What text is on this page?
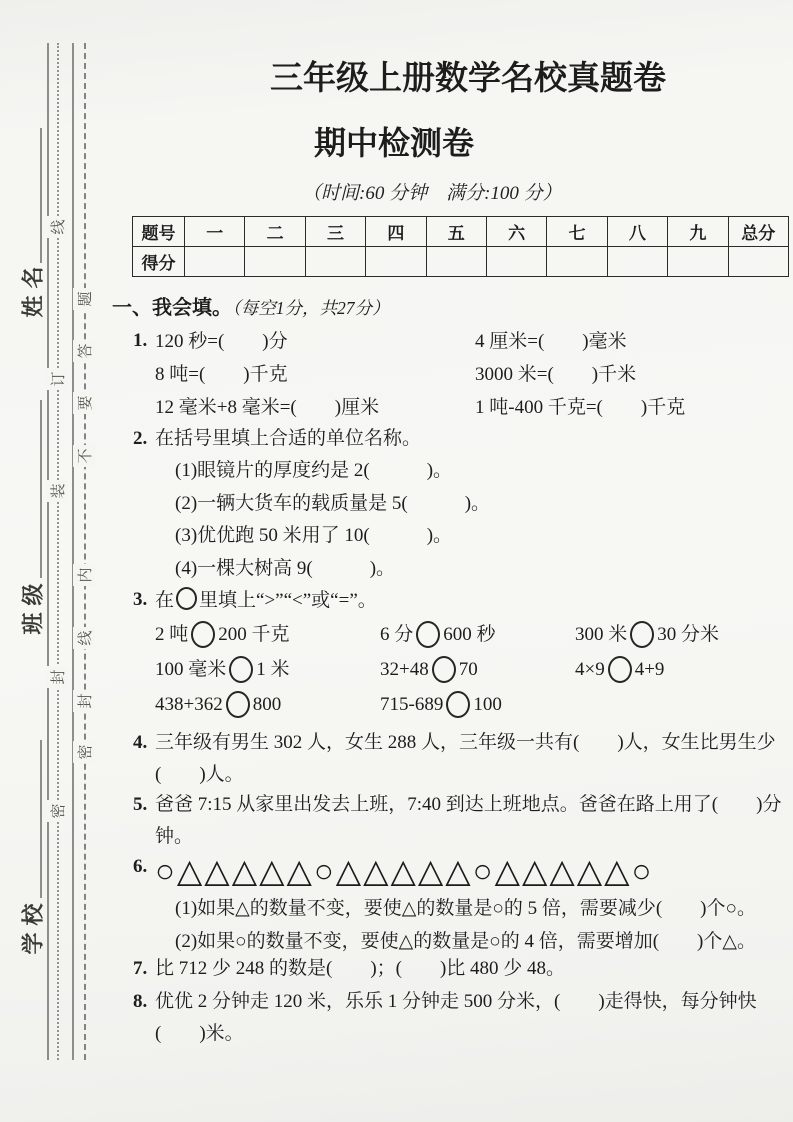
线
订
装
封
密
题
答
要
不
内
线
封
密
名
姓
级
班
校
学
三年级上册数学名校真题卷
期中检测卷
（时间:60 分钟　满分:100 分）
题号	一	二	三	四	五	六	七	八	九	总分
得分										
一、我会填。（每空1分，共27分）
1. 120 秒=(　　)分	4 厘米=(　　)毫米
8 吨=(　　)千克	3000 米=(　　)千米
12 毫米+8 毫米=(　　)厘米	1 吨-400 千克=(　　)千克
2. 在括号里填上合适的单位名称。
(1)眼镜片的厚度约是 2(　　　)。
(2)一辆大货车的载质量是 5(　　　)。
(3)优优跑 50 米用了 10(　　　)。
(4)一棵大树高 9(　　　)。
3. 在 里填上“>”“<”或“=”。
2 吨 200 千克	6 分 600 秒	300 米 30 分米
100 毫米 1 米	32+48 70	4×9 4+9
438+362 800	715-689 100
4. 三年级有男生 302 人，女生 288 人，三年级一共有(　　)人，女生比男生少(　　)人。
5. 爸爸 7:15 从家里出发去上班，7:40 到达上班地点。爸爸在路上用了(　　)分钟。
6. ○△△△△△○△△△△△○△△△△△○
(1)如果△的数量不变，要使△的数量是○的 5 倍，需要减少(　　)个○。
(2)如果○的数量不变，要使△的数量是○的 4 倍，需要增加(　　)个△。
7. 比 712 少 248 的数是(　　)；(　　)比 480 少 48。
8. 优优 2 分钟走 120 米，乐乐 1 分钟走 500 分米，(　　)走得快，每分钟快(　　)米。
